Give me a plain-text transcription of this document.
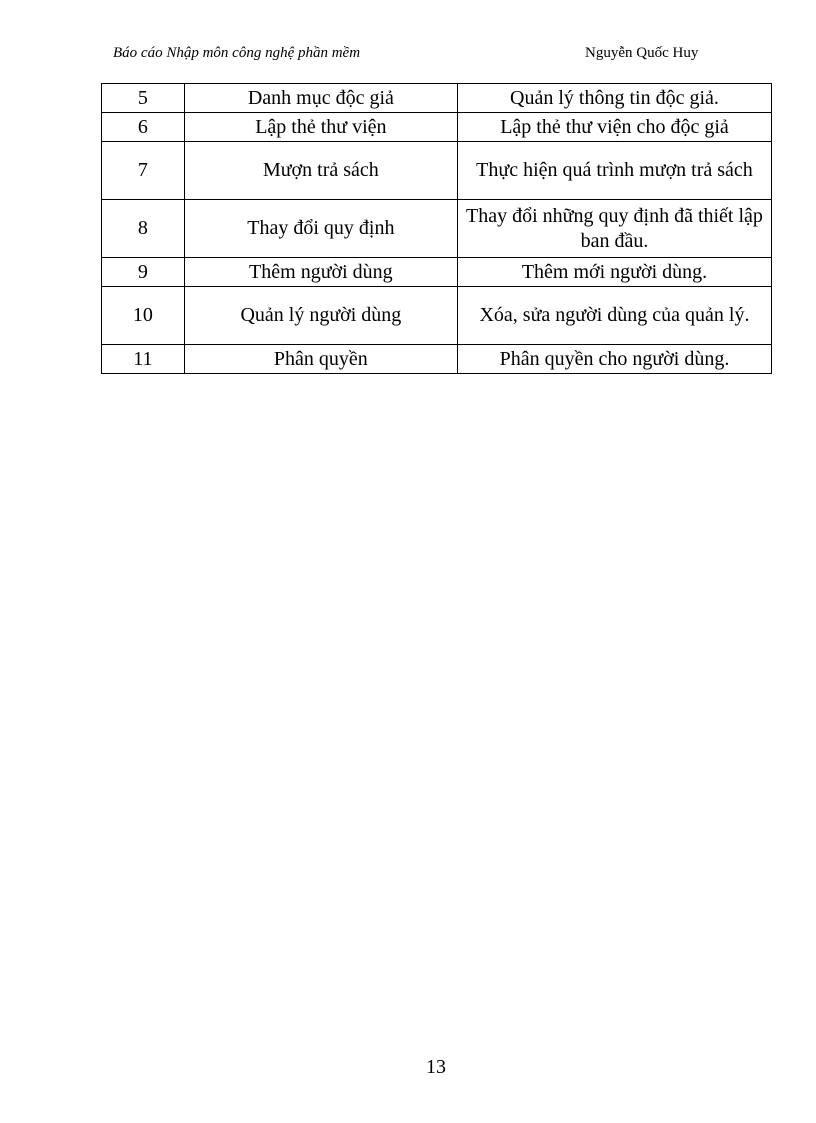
Báo cáo Nhập môn công nghệ phần mềm	Nguyễn Quốc Huy
5	Danh mục độc giả	Quản lý thông tin độc giả.
6	Lập thẻ thư viện	Lập thẻ thư viện cho độc giả
7	Mượn trả sách	Thực hiện quá trình mượn trả sách
8	Thay đổi quy định	Thay đổi những quy định đã thiết lập ban đầu.
9	Thêm người dùng	Thêm mới người dùng.
10	Quản lý người dùng	Xóa, sửa người dùng của quản lý.
11	Phân quyền	Phân quyền cho người dùng.
13
